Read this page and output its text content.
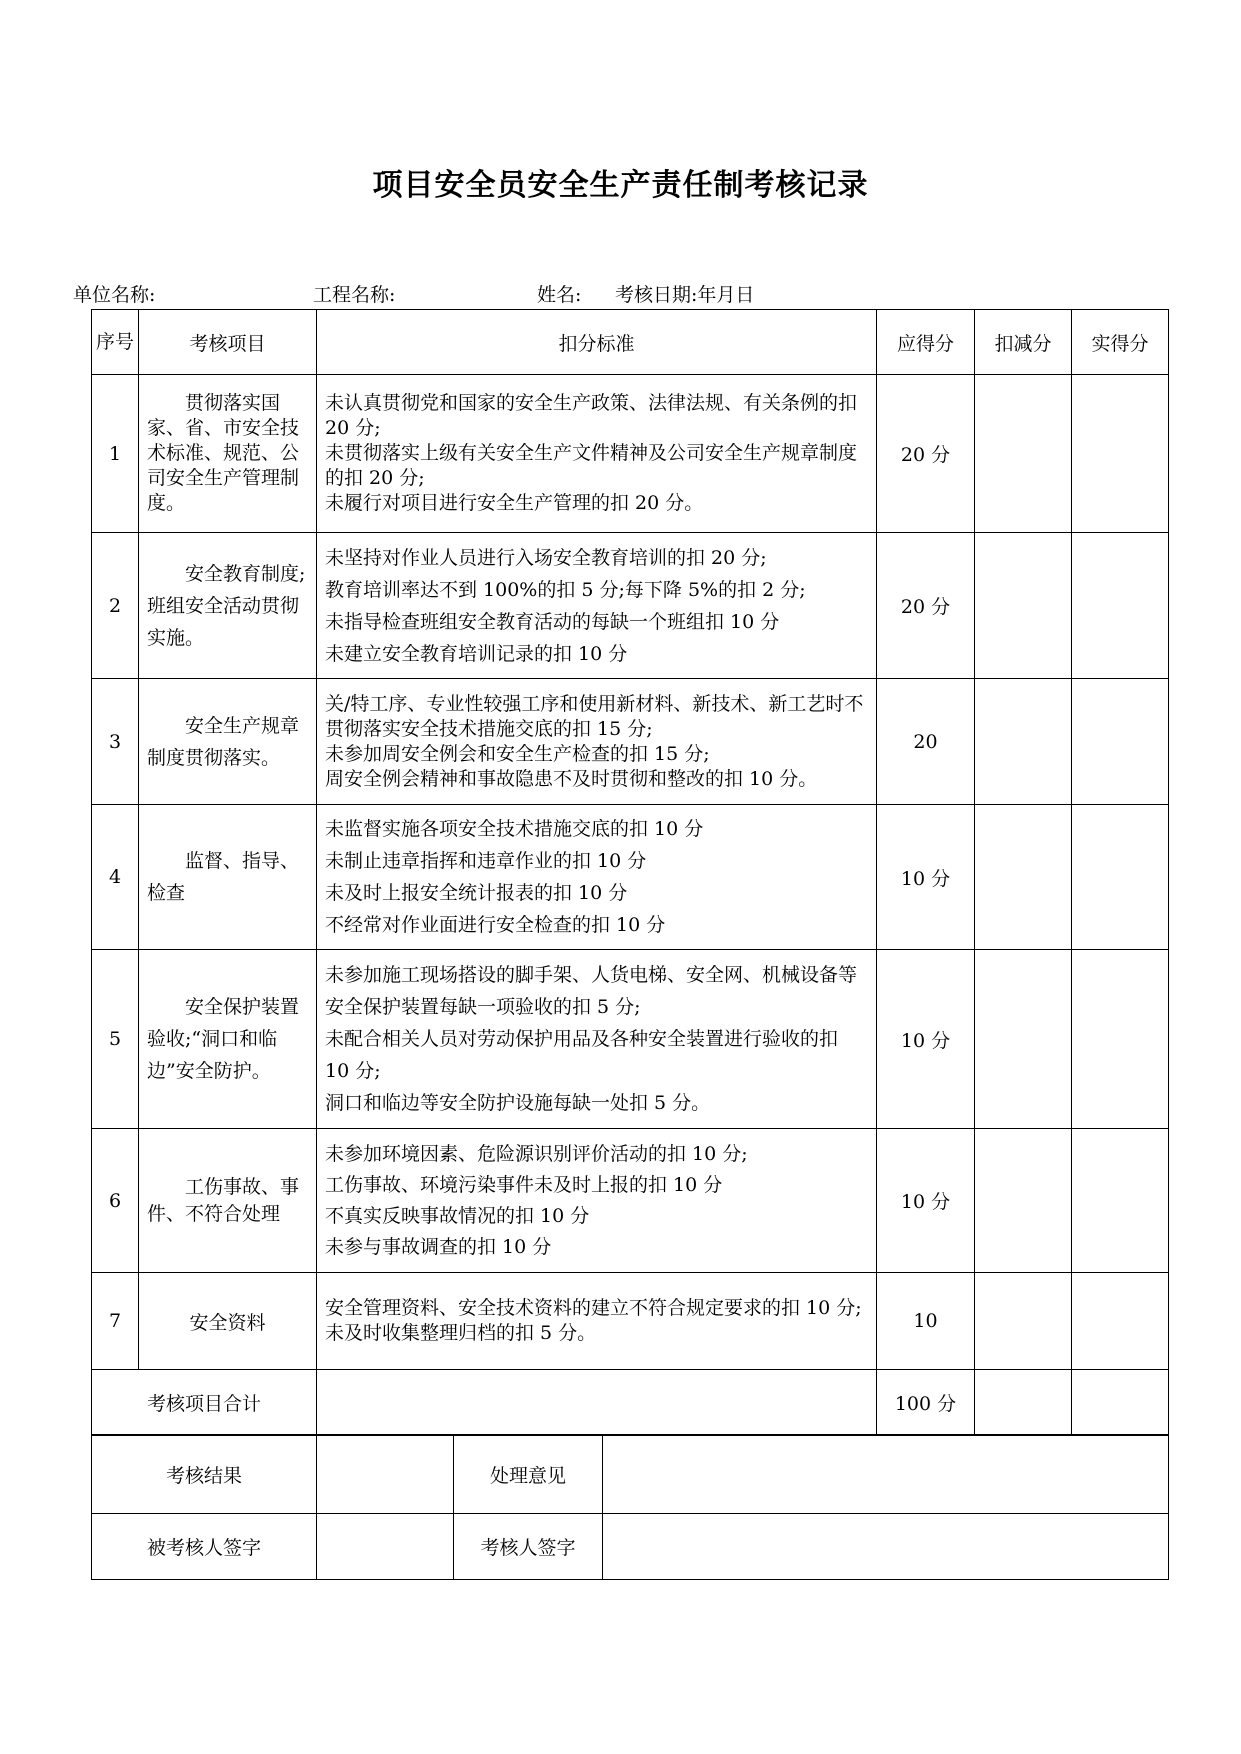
项目安全员安全生产责任制考核记录
单位名称:	工程名称:	姓名: 考核日期:年月日
序号	考核项目	扣分标准	应得分	扣减分	实得分
1	贯彻落实国家、省、市安全技术标准、规范、公司安全生产管理制度。	未认真贯彻党和国家的安全生产政策、法律法规、有关条例的扣 20 分;
未贯彻落实上级有关安全生产文件精神及公司安全生产规章制度的扣 20 分;
未履行对项目进行安全生产管理的扣 20 分。	20 分		
2	安全教育制度;班组安全活动贯彻实施。	未坚持对作业人员进行入场安全教育培训的扣 20 分;
教育培训率达不到 100%的扣 5 分;每下降 5%的扣 2 分;
未指导检查班组安全教育活动的每缺一个班组扣 10 分
未建立安全教育培训记录的扣 10 分	20 分		
3	安全生产规章制度贯彻落实。	关/特工序、专业性较强工序和使用新材料、新技术、新工艺时不贯彻落实安全技术措施交底的扣 15 分;
未参加周安全例会和安全生产检查的扣 15 分;
周安全例会精神和事故隐患不及时贯彻和整改的扣 10 分。	20		
4	监督、指导、检查	未监督实施各项安全技术措施交底的扣 10 分
未制止违章指挥和违章作业的扣 10 分
未及时上报安全统计报表的扣 10 分
不经常对作业面进行安全检查的扣 10 分	10 分		
5	安全保护装置验收;“洞口和临边”安全防护。	未参加施工现场搭设的脚手架、人货电梯、安全网、机械设备等安全保护装置每缺一项验收的扣 5 分;
未配合相关人员对劳动保护用品及各种安全装置进行验收的扣 10 分;
洞口和临边等安全防护设施每缺一处扣 5 分。	10 分		
6	工伤事故、事件、不符合处理	未参加环境因素、危险源识别评价活动的扣 10 分;
工伤事故、环境污染事件未及时上报的扣 10 分
不真实反映事故情况的扣 10 分
未参与事故调查的扣 10 分	10 分		
7	安全资料	安全管理资料、安全技术资料的建立不符合规定要求的扣 10 分;
未及时收集整理归档的扣 5 分。	10		
考核项目合计			100 分		
考核结果		处理意见	
被考核人签字		考核人签字	
